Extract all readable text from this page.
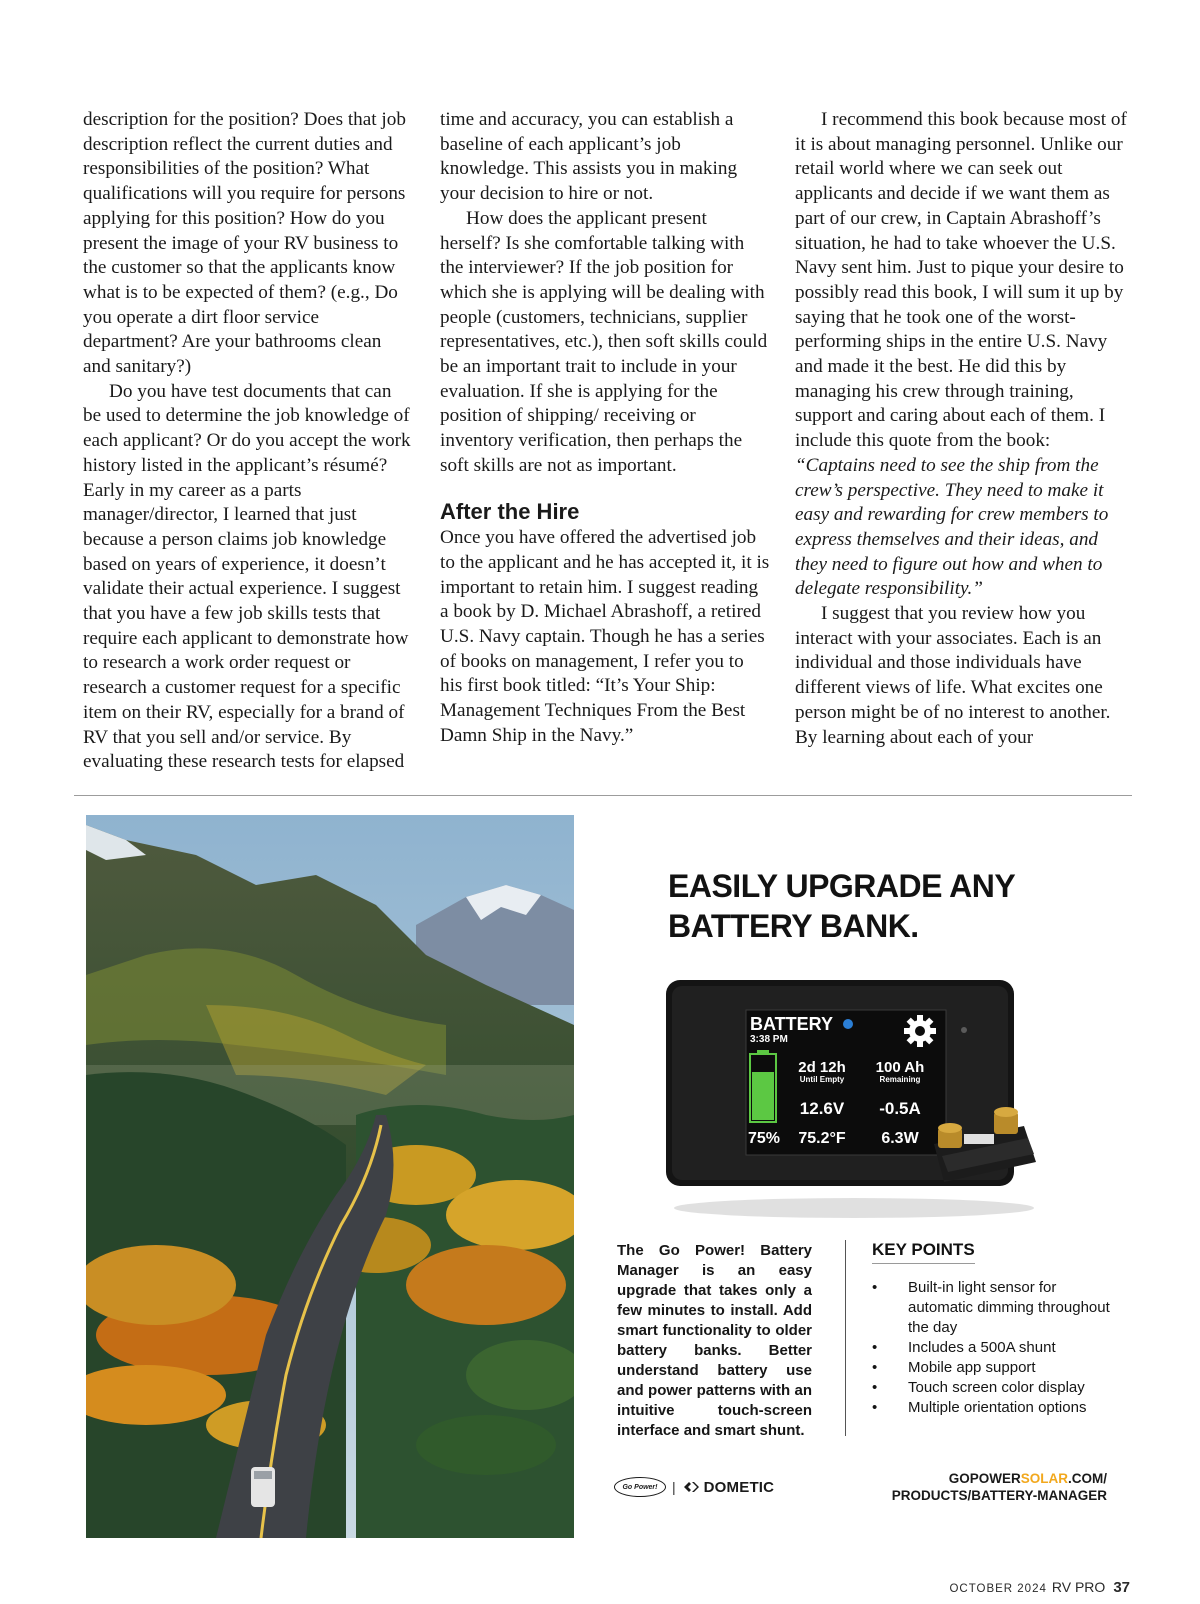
description for the position? Does that job description reflect the current duties and responsibilities of the position? What qualifications will you require for persons applying for this position? How do you present the image of your RV business to the customer so that the applicants know what is to be expected of them? (e.g., Do you operate a dirt floor service department? Are your bathrooms clean and sanitary?)

Do you have test documents that can be used to determine the job knowledge of each applicant? Or do you accept the work history listed in the applicant’s résumé? Early in my career as a parts manager/director, I learned that just because a person claims job knowledge based on years of experience, it doesn’t validate their actual experience. I suggest that you have a few job skills tests that require each applicant to demonstrate how to research a work order request or research a customer request for a specific item on their RV, especially for a brand of RV that you sell and/or service. By evaluating these research tests for elapsed

time and accuracy, you can establish a baseline of each applicant’s job knowledge. This assists you in making your decision to hire or not.

How does the applicant present herself? Is she comfortable talking with the interviewer? If the job position for which she is applying will be dealing with people (customers, technicians, supplier representatives, etc.), then soft skills could be an important trait to include in your evaluation. If she is applying for the position of shipping/ receiving or inventory verification, then perhaps the soft skills are not as important.

After the Hire

Once you have offered the advertised job to the applicant and he has accepted it, it is important to retain him. I suggest reading a book by D. Michael Abrashoff, a retired U.S. Navy captain. Though he has a series of books on management, I refer you to his first book titled: “It’s Your Ship: Management Techniques From the Best Damn Ship in the Navy.”

I recommend this book because most of it is about managing personnel. Unlike our retail world where we can seek out applicants and decide if we want them as part of our crew, in Captain Abrashoff’s situation, he had to take whoever the U.S. Navy sent him. Just to pique your desire to possibly read this book, I will sum it up by saying that he took one of the worst-performing ships in the entire U.S. Navy and made it the best. He did this by managing his crew through training, support and caring about each of them. I include this quote from the book:

“Captains need to see the ship from the crew’s perspective. They need to make it easy and rewarding for crew members to express themselves and their ideas, and they need to figure out how and when to delegate responsibility.”

I suggest that you review how you interact with your associates. Each is an individual and those individuals have different views of life. What excites one person might be of no interest to another. By learning about each of your

EASILY UPGRADE ANY BATTERY BANK.
BATTERY
3:38 PM
2d 12h
Until Empty
100 Ah
Remaining
12.6V -0.5A
75% 75.2°F 6.3W

The Go Power! Battery Manager is an easy upgrade that takes only a few minutes to install. Add smart functionality to older battery banks. Better understand battery use and power patterns with an intuitive touch-screen interface and smart shunt.

KEY POINTS
• Built-in light sensor for automatic dimming throughout the day
• Includes a 500A shunt
• Mobile app support
• Touch screen color display
• Multiple orientation options
Go Power!	| DOMETIC	GOPOWERSOLAR.COM/
PRODUCTS/BATTERY-MANAGER

OCTOBER 2024 RV PRO 37
